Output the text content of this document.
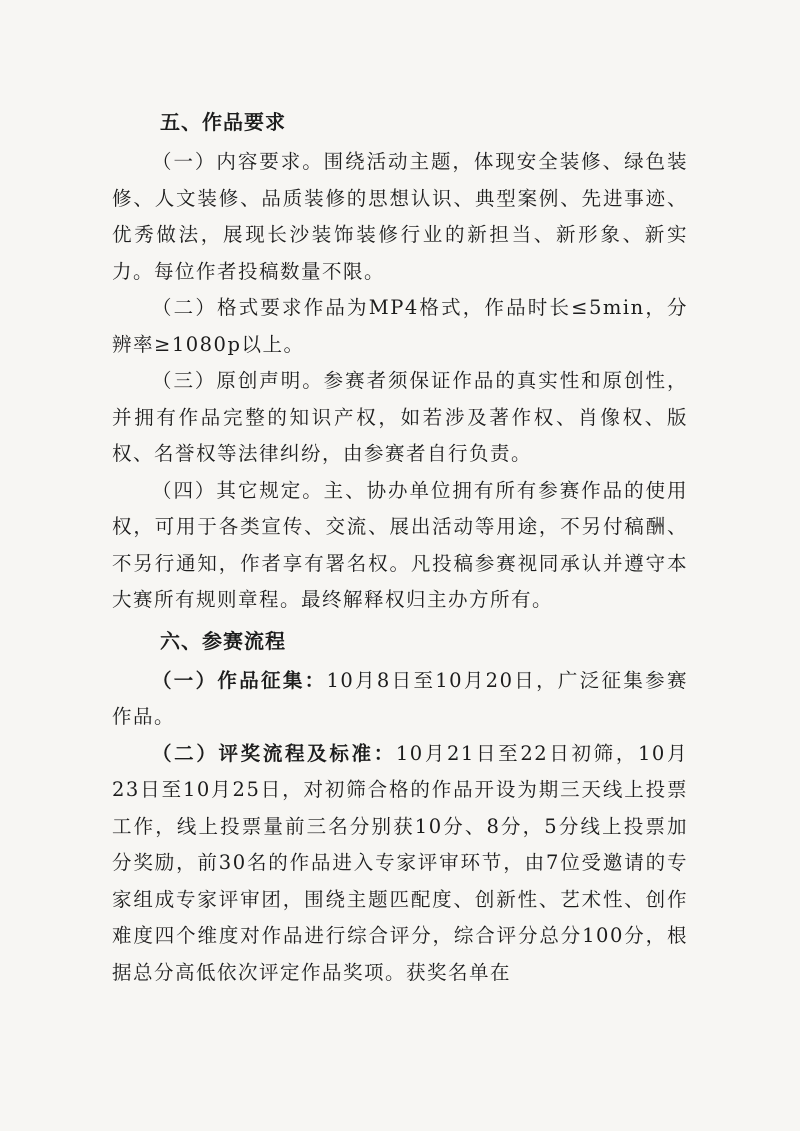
五、作品要求

（一）内容要求。围绕活动主题，体现安全装修、绿色装修、人文装修、品质装修的思想认识、典型案例、先进事迹、优秀做法，展现长沙装饰装修行业的新担当、新形象、新实力。每位作者投稿数量不限。

（二）格式要求作品为MP4格式，作品时长≤5min，分辨率≥1080p以上。

（三）原创声明。参赛者须保证作品的真实性和原创性，并拥有作品完整的知识产权，如若涉及著作权、肖像权、版权、名誉权等法律纠纷，由参赛者自行负责。

（四）其它规定。主、协办单位拥有所有参赛作品的使用权，可用于各类宣传、交流、展出活动等用途，不另付稿酬、不另行通知，作者享有署名权。凡投稿参赛视同承认并遵守本大赛所有规则章程。最终解释权归主办方所有。

六、参赛流程

（一）作品征集：10月8日至10月20日，广泛征集参赛作品。

（二）评奖流程及标准：10月21日至22日初筛，10月23日至10月25日，对初筛合格的作品开设为期三天线上投票工作，线上投票量前三名分别获10分、8分，5分线上投票加分奖励，前30名的作品进入专家评审环节，由7位受邀请的专家组成专家评审团，围绕主题匹配度、创新性、艺术性、创作难度四个维度对作品进行综合评分，综合评分总分100分，根据总分高低依次评定作品奖项。获奖名单在
